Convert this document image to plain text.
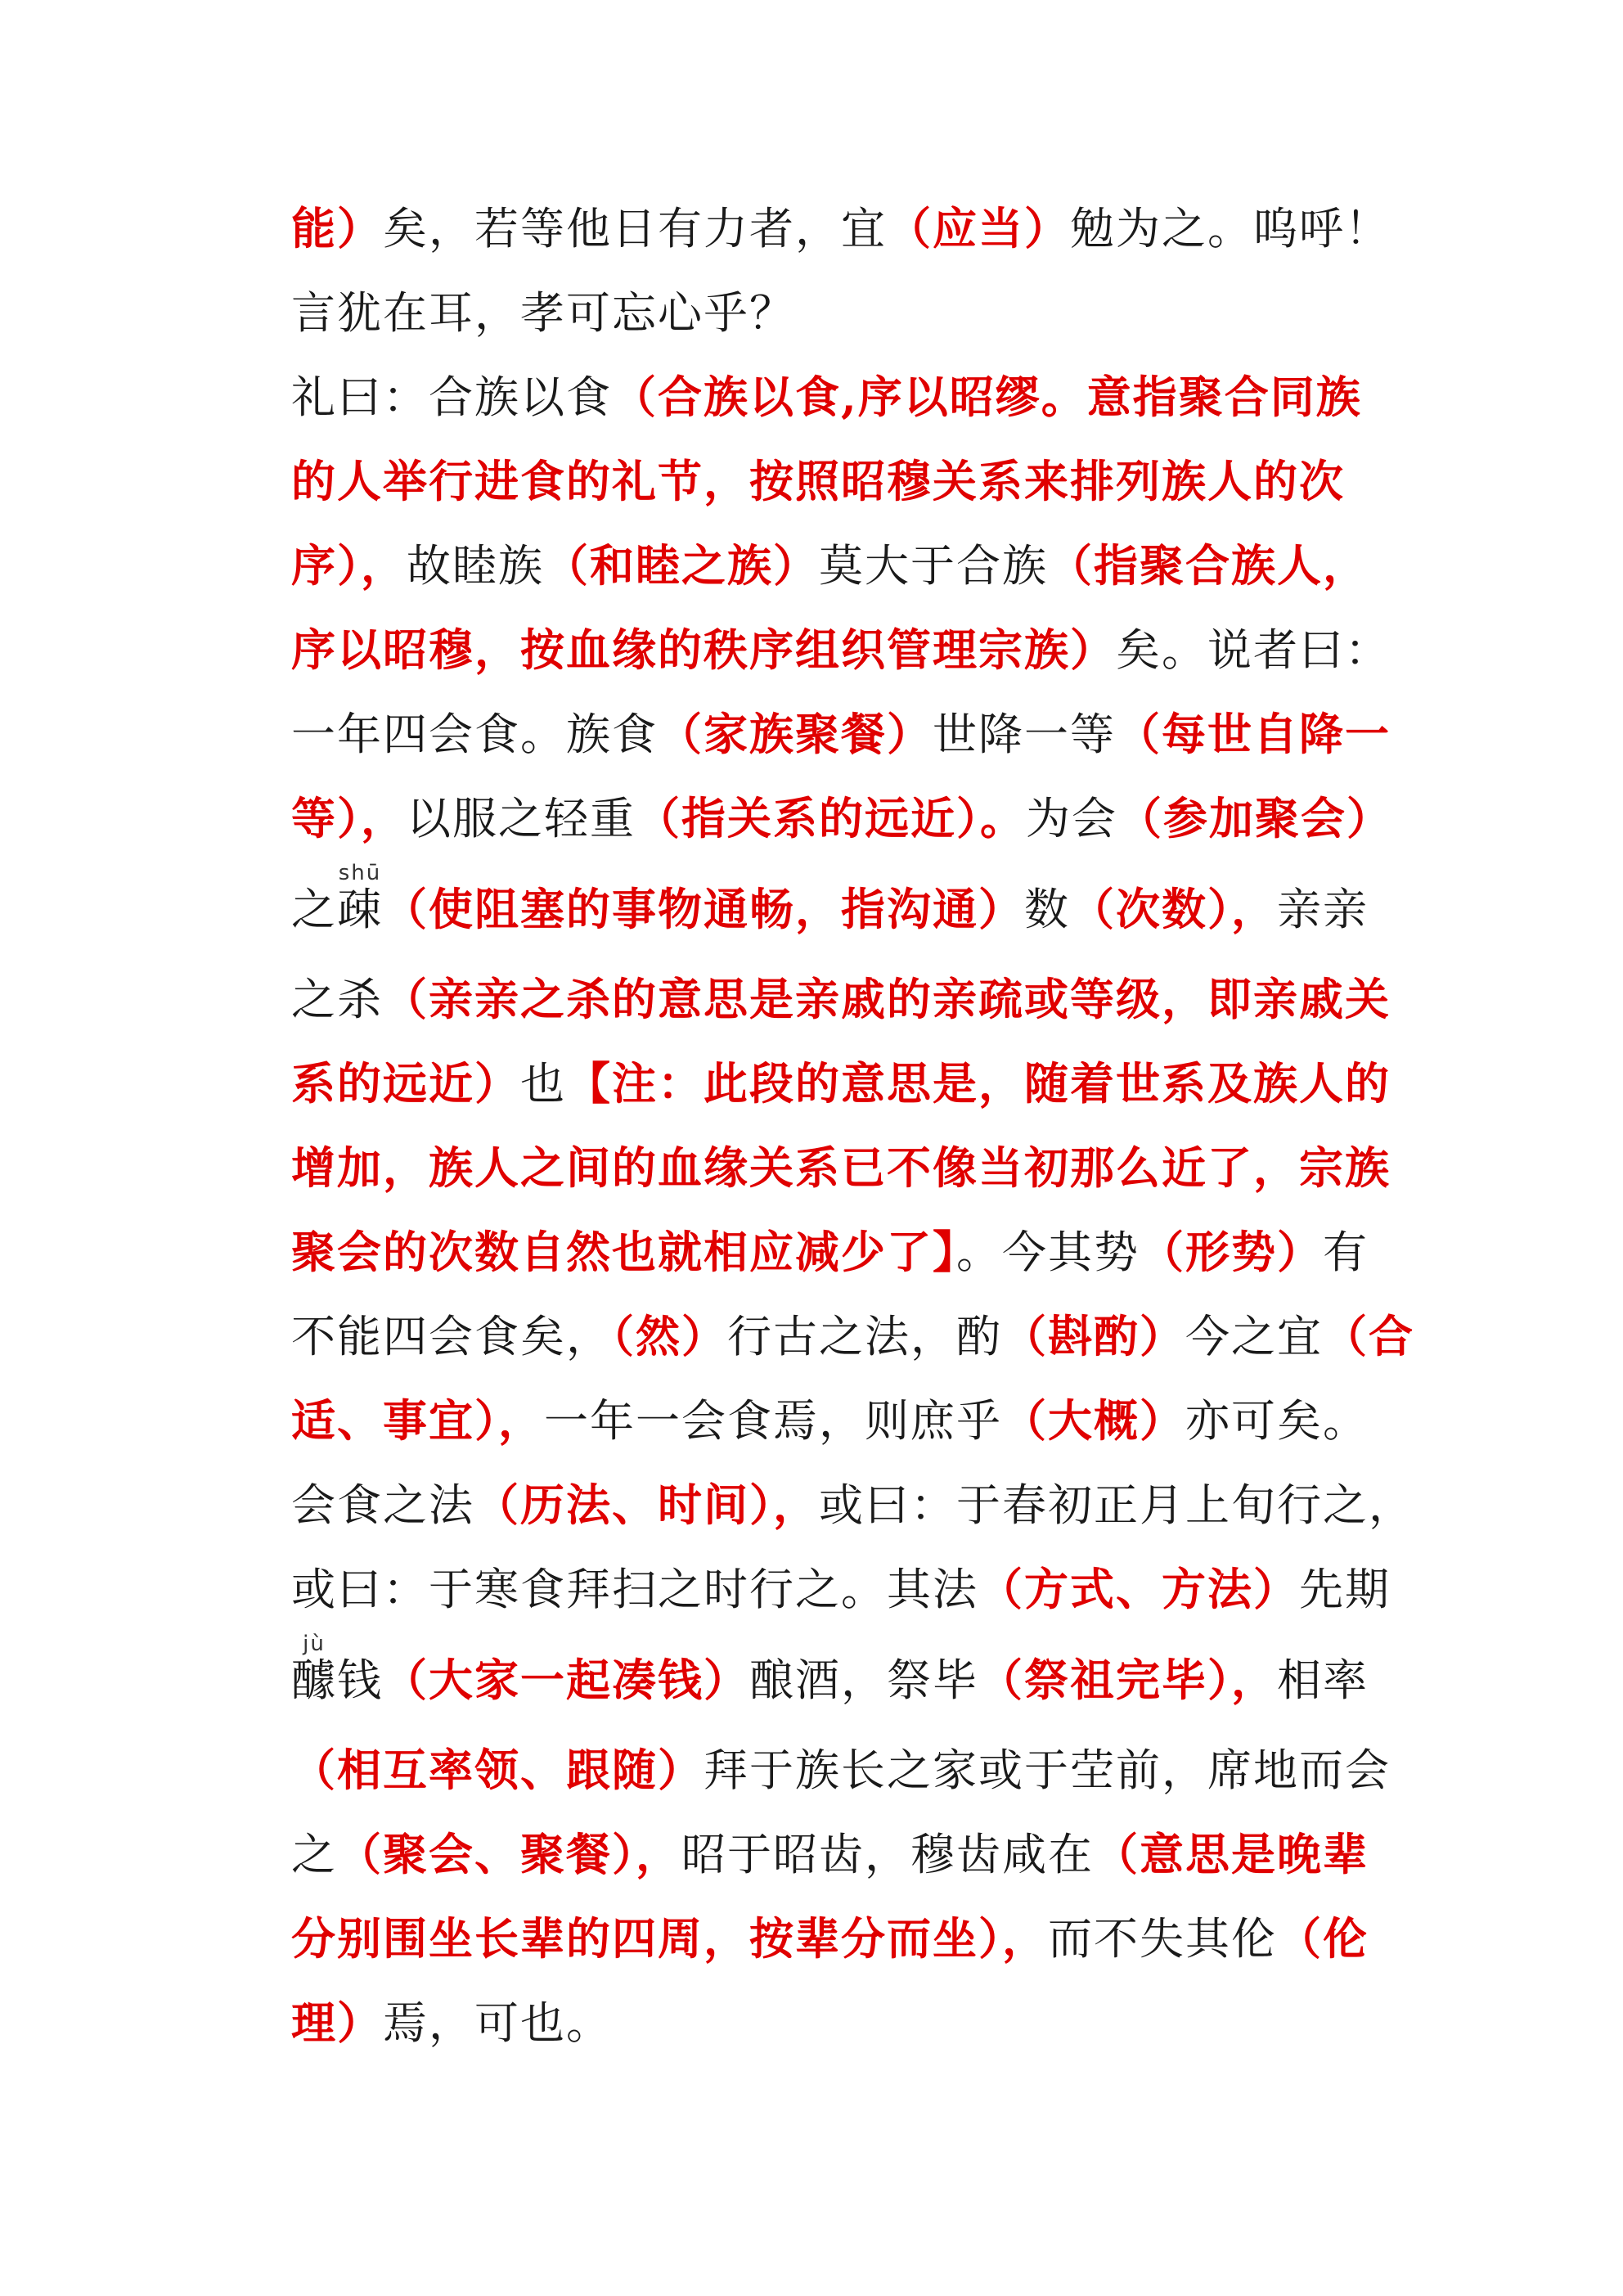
能）矣，若等他日有力者，宜（应当）勉为之。呜呼！
言犹在耳，孝可忘心乎？
礼曰：合族以食（合族以食,序以昭缪。意指聚合同族
的人举行进食的礼节，按照昭穆关系来排列族人的次
序），故睦族（和睦之族）莫大于合族（指聚合族人，
序以昭穆，按血缘的秩序组织管理宗族）矣。说者曰：
一年四会食。族食（家族聚餐）世降一等（每世自降一
等），以服之轻重（指关系的远近）。为会（参加聚会）
之疎shū（使阻塞的事物通畅，指沟通）数（次数），亲亲
之杀（亲亲之杀的意思是亲戚的亲疏或等级，即亲戚关
系的远近）也【注：此段的意思是，随着世系及族人的
增加，族人之间的血缘关系已不像当初那么近了，宗族
聚会的次数自然也就相应减少了】。今其势（形势）有
不能四会食矣，（然）行古之法，酌（斟酌）今之宜（合
适、事宜），一年一会食焉，则庶乎（大概）亦可矣。
会食之法（历法、时间），或曰：于春初正月上旬行之，
或曰：于寒食拜扫之时行之。其法（方式、方法）先期
醵jù钱（大家一起凑钱）酿酒，祭毕（祭祖完毕），相率
（相互率领、跟随）拜于族长之家或于茔前，席地而会
之（聚会、聚餐），昭于昭齿，穆齿咸在（意思是晚辈
分别围坐长辈的四周，按辈分而坐），而不失其伦（伦
理）焉，可也。
